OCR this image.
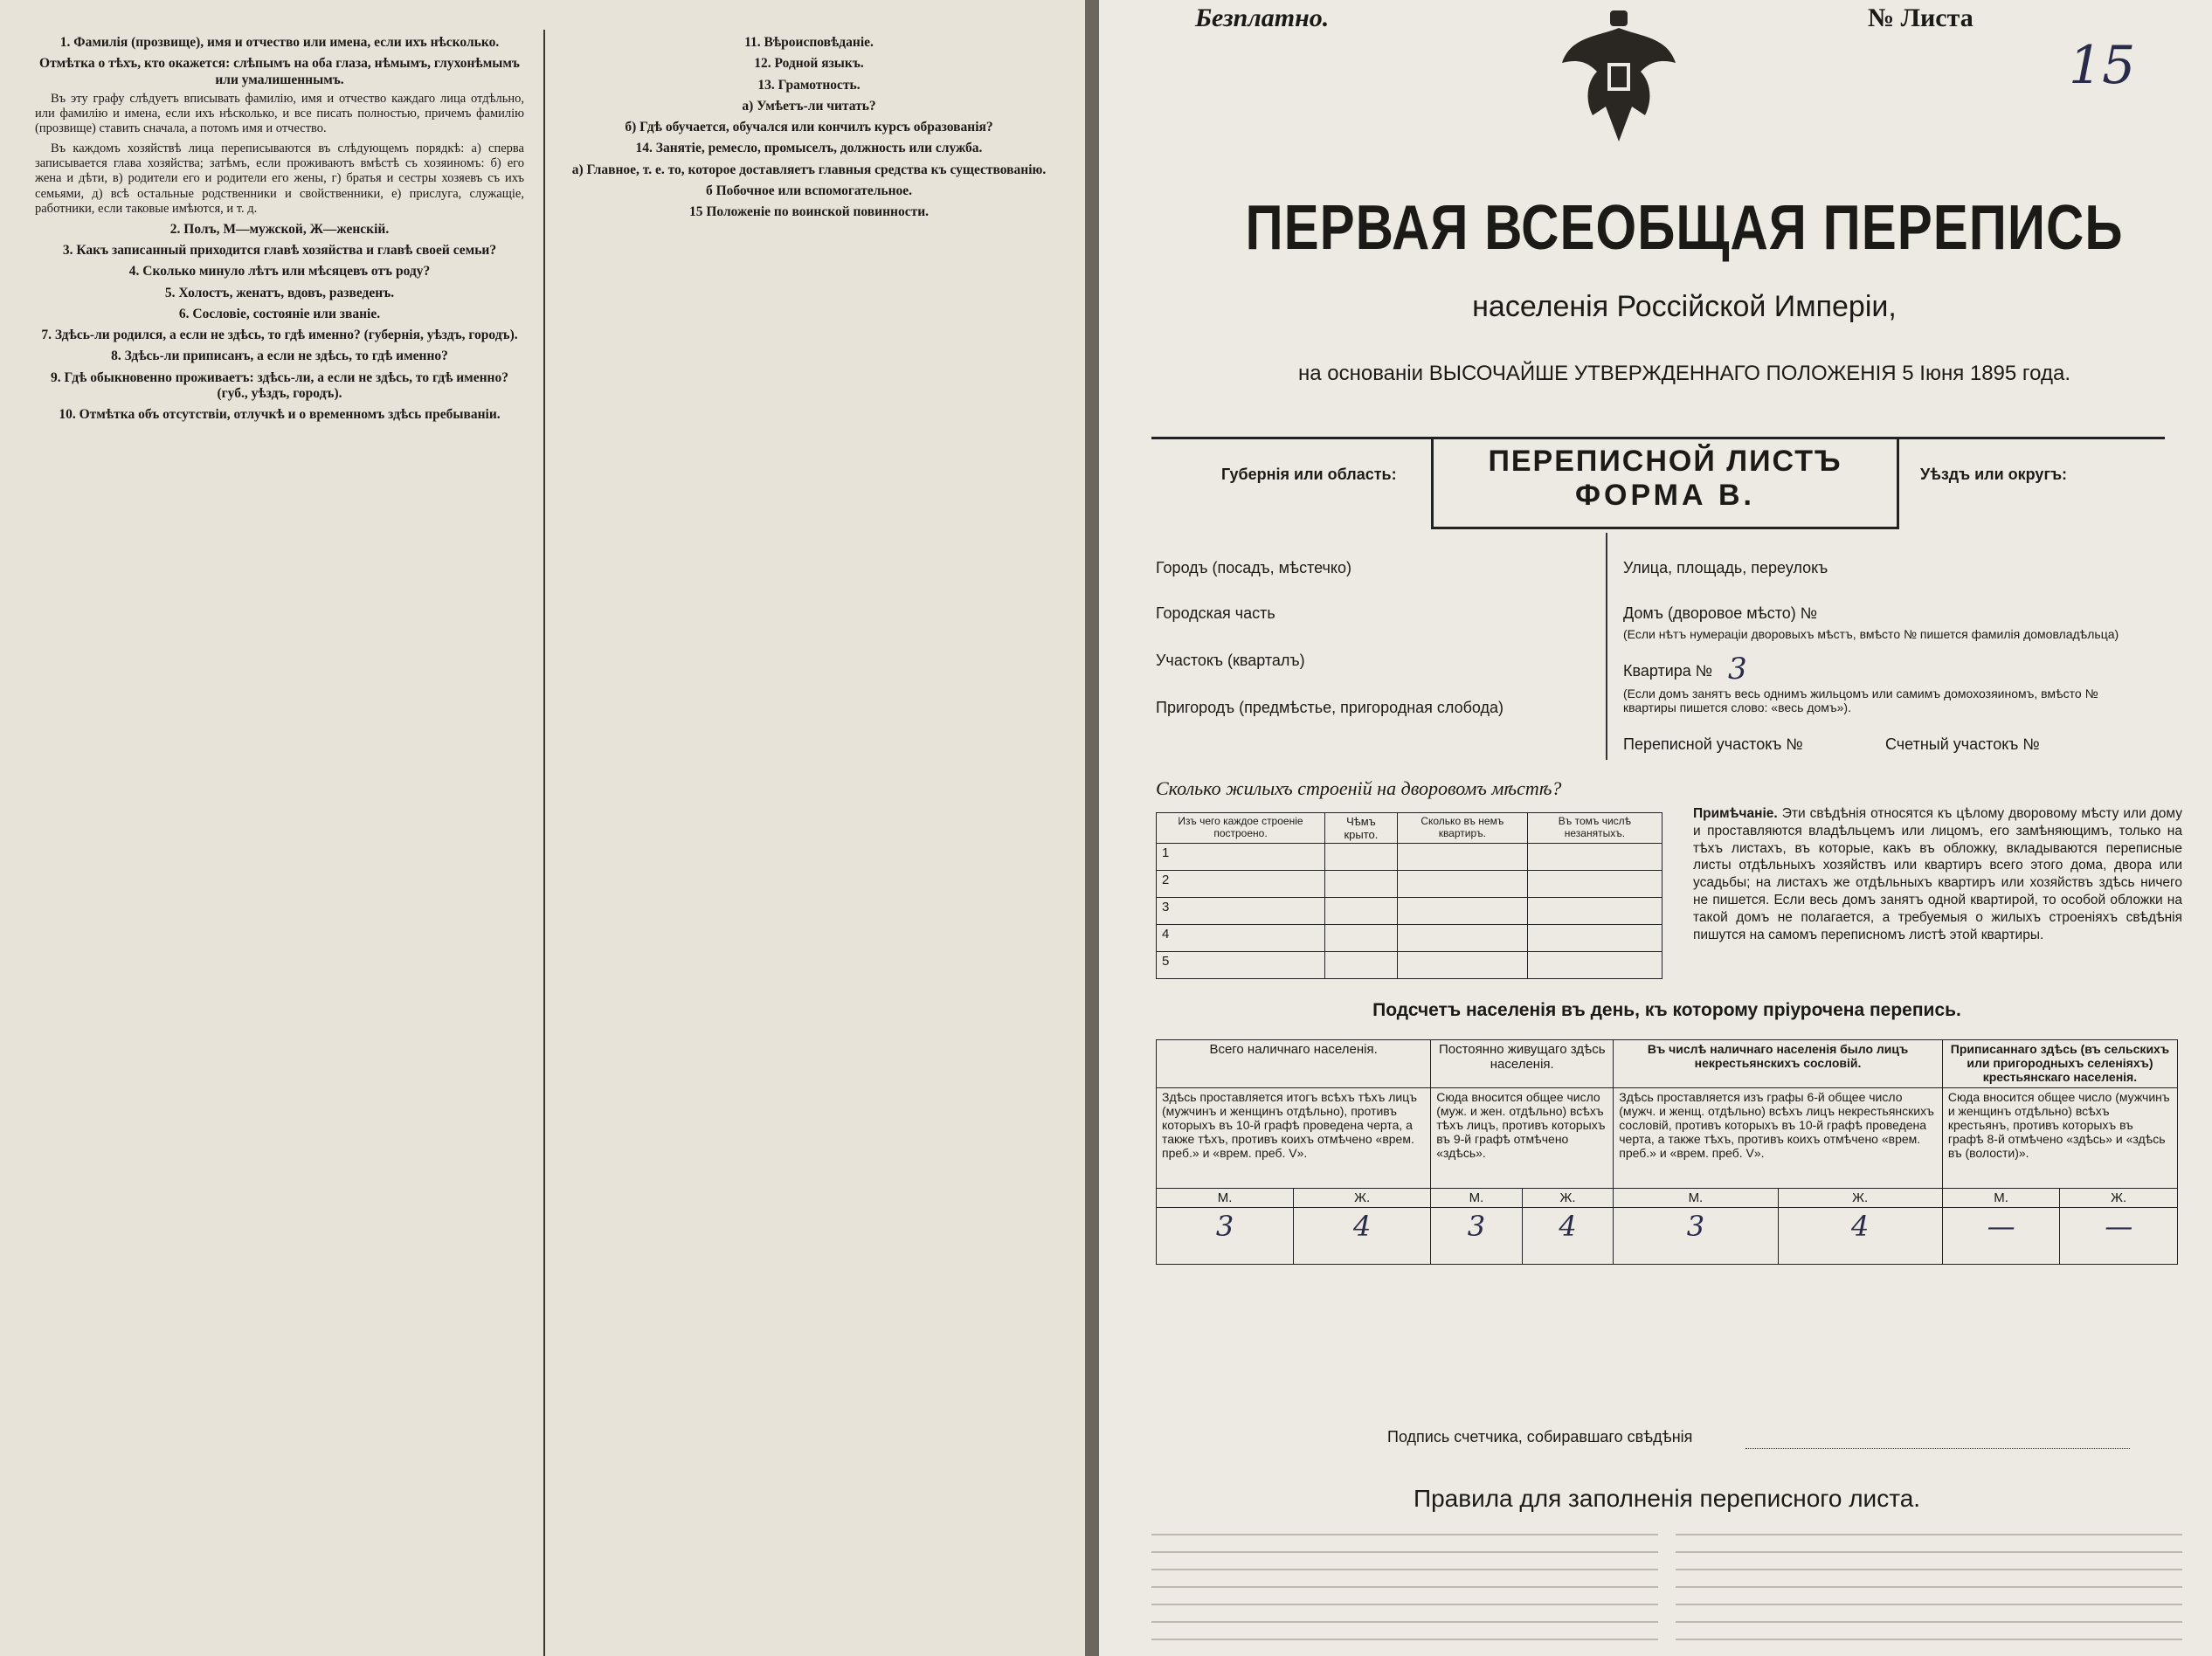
1. Фамилія (прозвище), имя и отчество или имена, если ихъ нѣсколько.
Отмѣтка о тѣхъ, кто окажется: слѣпымъ на оба глаза, нѣмымъ, глухонѣмымъ или умалишеннымъ.

Въ эту графу слѣдуетъ вписывать фамилію, имя и отчество каждаго лица отдѣльно, или фамилію и имена, если ихъ нѣсколько, и все писать полностью, причемъ фамилію (прозвище) ставить сначала, а потомъ имя и отчество.

Въ каждомъ хозяйствѣ лица переписываются въ слѣдующемъ порядкѣ: а) сперва записывается глава хозяйства; затѣмъ, если проживаютъ вмѣстѣ съ хозяиномъ: б) его жена и дѣти, в) родители его и родители его жены, г) братья и сестры хозяевъ съ ихъ семьями, д) всѣ остальные родственники и свойственники, е) прислуга, служащіе, работники, если таковые имѣются, и т. д.

2. Полъ, М—мужской, Ж—женскій.
3. Какъ записанный приходится главѣ хозяйства и главѣ своей семьи?
4. Сколько минуло лѣтъ или мѣсяцевъ отъ роду?
5. Холостъ, женатъ, вдовъ, разведенъ.
6. Сословіе, состояніе или званіе.
7. Здѣсь-ли родился, а если не здѣсь, то гдѣ именно? (губернія, уѣздъ, городъ).
8. Здѣсь-ли приписанъ, а если не здѣсь, то гдѣ именно?
9. Гдѣ обыкновенно проживаетъ: здѣсь-ли, а если не здѣсь, то гдѣ именно? (губ., уѣздъ, городъ).
10. Отмѣтка объ отсутствіи, отлучкѣ и о временномъ здѣсь пребываніи.
11. Вѣроисповѣданіе.
12. Родной языкъ.
13. Грамотность.
а) Умѣетъ-ли читать?
б) Гдѣ обучается, обучался или кончилъ курсъ образованія?
14. Занятіе, ремесло, промыселъ, должность или служба.
а) Главное, т. е. то, которое доставляетъ главныя средства къ существованію.
б Побочное или вспомогательное.
15 Положеніе по воинской повинности.
Безплатно.	№ Листа
15
ПЕРВАЯ ВСЕОБЩАЯ ПЕРЕПИСЬ
населенія Россійской Имперіи,
на основаніи ВЫСОЧАЙШЕ УТВЕРЖДЕННАГО ПОЛОЖЕНІЯ 5 Іюня 1895 года.
Губернія или область:	ПЕРЕПИСНОЙ ЛИСТЪ
ФОРМА В.
Уѣздъ или округъ:
Городъ (посадъ, мѣстечко)
Городская часть
Участокъ (кварталъ)
Пригородъ (предмѣстье, пригородная слобода)
Улица, площадь, переулокъ
Домъ (дворовое мѣсто) №
(Если нѣтъ нумераціи дворовыхъ мѣстъ, вмѣсто № пишется фамилія домовладѣльца)
Квартира № 3
(Если домъ занятъ весь однимъ жильцомъ или самимъ домохозяиномъ, вмѣсто № квартиры пишется слово: «весь домъ»).
Переписной участокъ №	Счетный участокъ №
Сколько жилыхъ строеній на дворовомъ мѣстѣ?
Изъ чего каждое строеніе построено.	Чѣмъ крыто.	Сколько въ немъ квартиръ.	Въ томъ числѣ незанятыхъ.
1			
2			
3			
4			
5			
Примѣчаніе. Эти свѣдѣнія относятся къ цѣлому дворовому мѣсту или дому и проставляются владѣльцемъ или лицомъ, его замѣняющимъ, только на тѣхъ листахъ, въ которые, какъ въ обложку, вкладываются переписные листы отдѣльныхъ хозяйствъ или квартиръ всего этого дома, двора или усадьбы; на листахъ же отдѣльныхъ квартиръ или хозяйствъ здѣсь ничего не пишется. Если весь домъ занятъ одной квартирой, то особой обложки на такой домъ не полагается, а требуемыя о жилыхъ строеніяхъ свѣдѣнія пишутся на самомъ переписномъ листѣ этой квартиры.
Подсчетъ населенія въ день, къ которому пріурочена перепись.
Всего наличнаго населенія.		Постоянно живущаго здѣсь населенія.		Въ числѣ наличнаго населенія было лицъ некрестьянскихъ сословій.		Приписаннаго здѣсь (въ сельскихъ или пригородныхъ селеніяхъ) крестьянскаго населенія.	
Здѣсь проставляется итогъ всѣхъ тѣхъ лицъ (мужчинъ и женщинъ отдѣльно), противъ которыхъ въ 10-й графѣ проведена черта, а также тѣхъ, противъ коихъ отмѣчено «врем. преб.» и «врем. преб. V».		Сюда вносится общее число (муж. и жен. отдѣльно) всѣхъ тѣхъ лицъ, противъ которыхъ въ 9-й графѣ отмѣчено «здѣсь».		Здѣсь проставляется изъ графы 6-й общее число (мужч. и женщ. отдѣльно) всѣхъ лицъ некрестьянскихъ сословій, противъ которыхъ въ 10-й графѣ проведена черта, а также тѣхъ, противъ коихъ отмѣчено «врем. преб.» и «врем. преб. V».		Сюда вносится общее число (мужчинъ и женщинъ отдѣльно) всѣхъ крестьянъ, противъ которыхъ въ графѣ 8-й отмѣчено «здѣсь» и «здѣсь въ (волости)».	
М.	Ж.	М.	Ж.	М.	Ж.	М.	Ж.
3	4	3	4	3	4	—	—
Подпись счетчика, собиравшаго свѣдѣнія
Правила для заполненія переписного листа.
